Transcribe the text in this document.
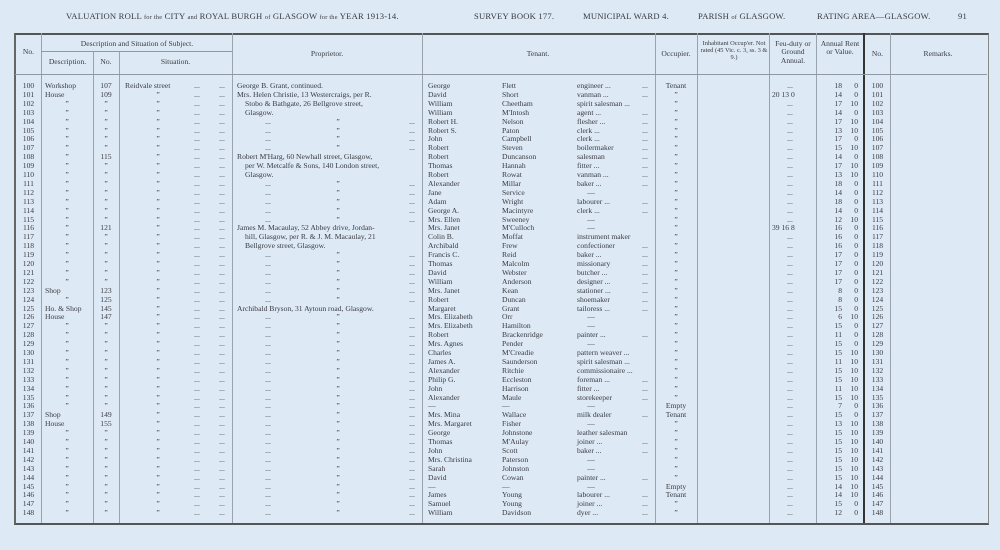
VALUATION ROLL for the CITY and ROYAL BURGH of GLASGOW for the YEAR 1913-14.	SURVEY BOOK 177.	MUNICIPAL WARD 4.	PARISH of GLASGOW.	RATING AREA—GLASGOW.	91
No.
Description and Situation of Subject.
Description.	No.	Situation.
Proprietor.	Tenant.	Occupier.
Inhabitant Occup'er. Not rated (45 Vic. c. 3, ss. 3 & 9.)
Feu-duty or Ground Annual.
Annual Rent or Value.	No.	Remarks.
100	Workshop	107	Reidvale street	...	...	George B. Grant, continued.	George	Flett	engineer ...	...	Tenant	...	18	0	100
101	House	109	”	...	...	Mrs. Helen Christie, 13 Westercraigs, per R.	David	Short	vanman ...	...	”	20 13 0	14	0	101
102	”	”	”	...	...	Stobo & Bathgate, 26 Bellgrove street,	William	Cheetham	spirit salesman ...	”	...	17	10	102
103	”	”	”	...	...	Glasgow.	William	M'Intosh	agent ...	...	”	...	14	0	103
104	”	”	”	...	...	...	”	...	Robert H.	Nelson	flesher ...	...	”	...	17	10	104
105	”	”	”	...	...	...	”	...	Robert S.	Paton	clerk ...	...	”	...	13	10	105
106	”	”	”	...	...	...	”	...	John	Campbell	clerk ...	...	”	...	17	0	106
107	”	”	”	...	...	...	”	...	Robert	Steven	boilermaker	...	”	...	15	10	107
108	”	115	”	...	...	Robert M'Harg, 60 Newhall street, Glasgow,	Robert	Duncanson	salesman	...	”	...	14	0	108
109	”	”	”	...	...	per W. Metcalfe & Sons, 140 London street,	Thomas	Hannah	fitter ...	...	”	...	17	10	109
110	”	”	”	...	...	Glasgow.	Robert	Rowat	vanman ...	...	”	...	13	10	110
111	”	”	”	...	...	...	”	...	Alexander	Millar	baker ...	...	”	...	18	0	111
112	”	”	”	...	...	...	”	...	Jane	Service	—	”	...	14	0	112
113	”	”	”	...	...	...	”	...	Adam	Wright	labourer ...	...	”	...	18	0	113
114	”	”	”	...	...	...	”	...	George A.	Macintyre	clerk ...	...	”	...	14	0	114
115	”	”	”	...	...	...	”	...	Mrs. Ellen	Sweeney	—	”	...	12	10	115
116	”	121	”	...	...	James M. Macaulay, 52 Abbey drive, Jordan-	Mrs. Janet	M'Culloch	—	”	39 16 8	16	0	116
117	”	”	”	...	...	hill, Glasgow, per R. & J. M. Macaulay, 21	Colin B.	Moffat	instrument maker	”	...	16	0	117
118	”	”	”	...	...	Bellgrove street, Glasgow.	Archibald	Frew	confectioner	...	”	...	16	0	118
119	”	”	”	...	...	...	”	...	Francis C.	Reid	baker ...	...	”	...	17	0	119
120	”	”	”	...	...	...	”	...	Thomas	Malcolm	missionary	...	”	...	17	0	120
121	”	”	”	...	...	...	”	...	David	Webster	butcher ...	...	”	...	17	0	121
122	”	”	”	...	...	...	”	...	William	Anderson	designer ...	...	”	...	17	0	122
123	Shop	123	”	...	...	...	”	...	Mrs. Janet	Kean	stationer ...	...	”	...	8	0	123
124	”	125	”	...	...	...	”	...	Robert	Duncan	shoemaker	...	”	...	8	0	124
125	Ho. & Shop	145	”	...	...	Archibald Bryson, 31 Aytoun road, Glasgow.	Margaret	Grant	tailoress ...	...	”	...	15	0	125
126	House	147	”	...	...	...	”	...	Mrs. Elizabeth	Orr	—	”	...	6	10	126
127	”	”	”	...	...	...	”	...	Mrs. Elizabeth	Hamilton	—	”	...	15	0	127
128	”	”	”	...	...	...	”	...	Robert	Brackenridge	painter ...	...	”	...	11	0	128
129	”	”	”	...	...	...	”	...	Mrs. Agnes	Pender	—	”	...	15	0	129
130	”	”	”	...	...	...	”	...	Charles	M'Creadie	pattern weaver ...	”	...	15	10	130
131	”	”	”	...	...	...	”	...	James A.	Saunderson	spirit salesman ...	”	...	11	10	131
132	”	”	”	...	...	...	”	...	Alexander	Ritchie	commissionaire ...	”	...	15	10	132
133	”	”	”	...	...	...	”	...	Philip G.	Eccleston	foreman ...	...	”	...	15	10	133
134	”	”	”	...	...	...	”	...	John	Harrison	fitter ...	...	”	...	11	10	134
135	”	”	”	...	...	...	”	...	Alexander	Maule	storekeeper	...	”	...	15	10	135
136	”	”	”	...	...	...	”	...	—	—	—	Empty	...	7	0	136
137	Shop	149	”	...	...	...	”	...	Mrs. Mina	Wallace	milk dealer	...	Tenant	...	15	0	137
138	House	155	”	...	...	...	”	...	Mrs. Margaret	Fisher	—	”	...	13	10	138
139	”	”	”	...	...	...	”	...	George	Johnstone	leather salesman	”	...	15	10	139
140	”	”	”	...	...	...	”	...	Thomas	M'Aulay	joiner ...	...	”	...	15	10	140
141	”	”	”	...	...	...	”	...	John	Scott	baker ...	...	”	...	15	10	141
142	”	”	”	...	...	...	”	...	Mrs. Christina	Paterson	—	”	...	15	10	142
143	”	”	”	...	...	...	”	...	Sarah	Johnston	—	”	...	15	10	143
144	”	”	”	...	...	...	”	...	David	Cowan	painter ...	...	”	...	15	10	144
145	”	”	”	...	...	...	”	...	—	—	—	Empty	...	14	10	145
146	”	”	”	...	...	...	”	...	James	Young	labourer ...	...	Tenant	...	14	10	146
147	”	”	”	...	...	...	”	...	Samuel	Young	joiner ...	...	”	...	15	0	147
148	”	”	”	...	...	...	”	...	William	Davidson	dyer ...	...	”	...	12	0	148
